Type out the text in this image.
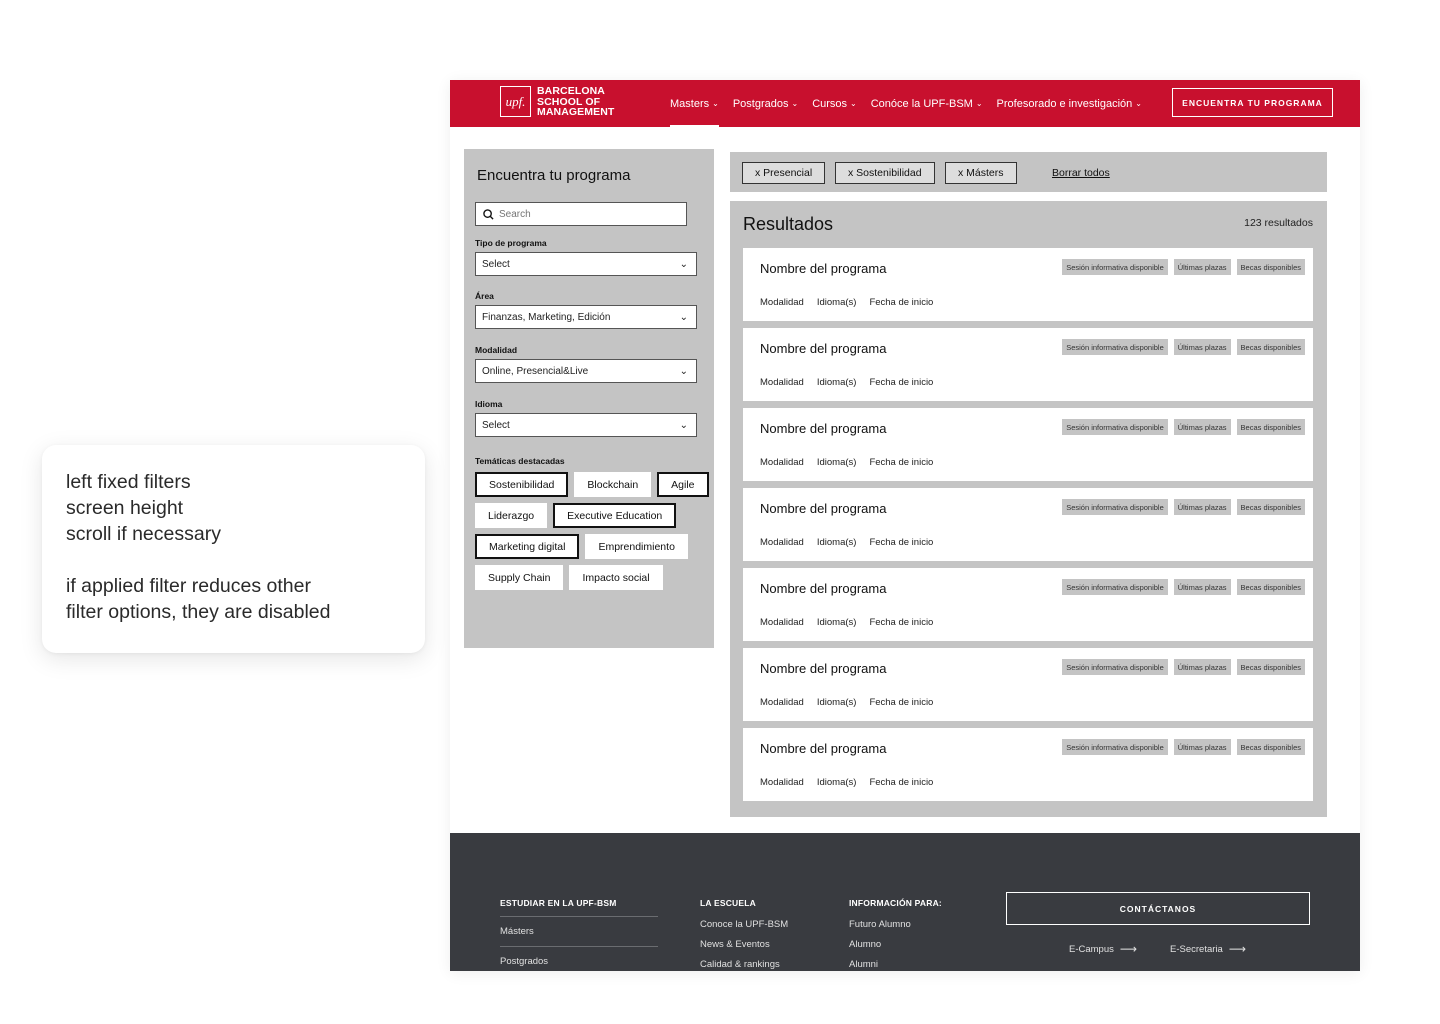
left fixed filters
screen height
scroll if necessary

if applied filter reduces other
filter options, they are disabled

upf.
BARCELONA
SCHOOL OF
MANAGEMENT
Masters ⌄ Postgrados ⌄ Cursos ⌄ Conóce la UPF-BSM ⌄ Profesorado e investigación ⌄	ENCUENTRA TU PROGRAMA
Encuentra tu programa
Search
Tipo de programa
Select	⌄
Área
Finanzas, Marketing, Edición	⌄
Modalidad
Online, Presencial&Live	⌄
Idioma
Select	⌄
Temáticas destacadas
Sostenibilidad	Blockchain	Agile
Liderazgo	Executive Education
Marketing digital	Emprendimiento
Supply Chain	Impacto social
x Presencial	x Sostenibilidad	x Másters	Borrar todos
Resultados	123 resultados
Nombre del programa	Sesión informativa disponible	Últimas plazas	Becas disponibles
Modalidad Idioma(s) Fecha de inicio
Nombre del programa	Sesión informativa disponible	Últimas plazas	Becas disponibles
Modalidad Idioma(s) Fecha de inicio
Nombre del programa	Sesión informativa disponible	Últimas plazas	Becas disponibles
Modalidad Idioma(s) Fecha de inicio
Nombre del programa	Sesión informativa disponible	Últimas plazas	Becas disponibles
Modalidad Idioma(s) Fecha de inicio
Nombre del programa	Sesión informativa disponible	Últimas plazas	Becas disponibles
Modalidad Idioma(s) Fecha de inicio
Nombre del programa	Sesión informativa disponible	Últimas plazas	Becas disponibles
Modalidad Idioma(s) Fecha de inicio
Nombre del programa	Sesión informativa disponible	Últimas plazas	Becas disponibles
Modalidad Idioma(s) Fecha de inicio
ESTUDIAR EN LA UPF-BSM
Másters
Postgrados
LA ESCUELA
Conoce la UPF-BSM
News & Eventos
Calidad & rankings
INFORMACIÓN PARA:
Futuro Alumno
Alumno
Alumni
CONTÁCTANOS
E-Campus ⟶	E-Secretaria ⟶
